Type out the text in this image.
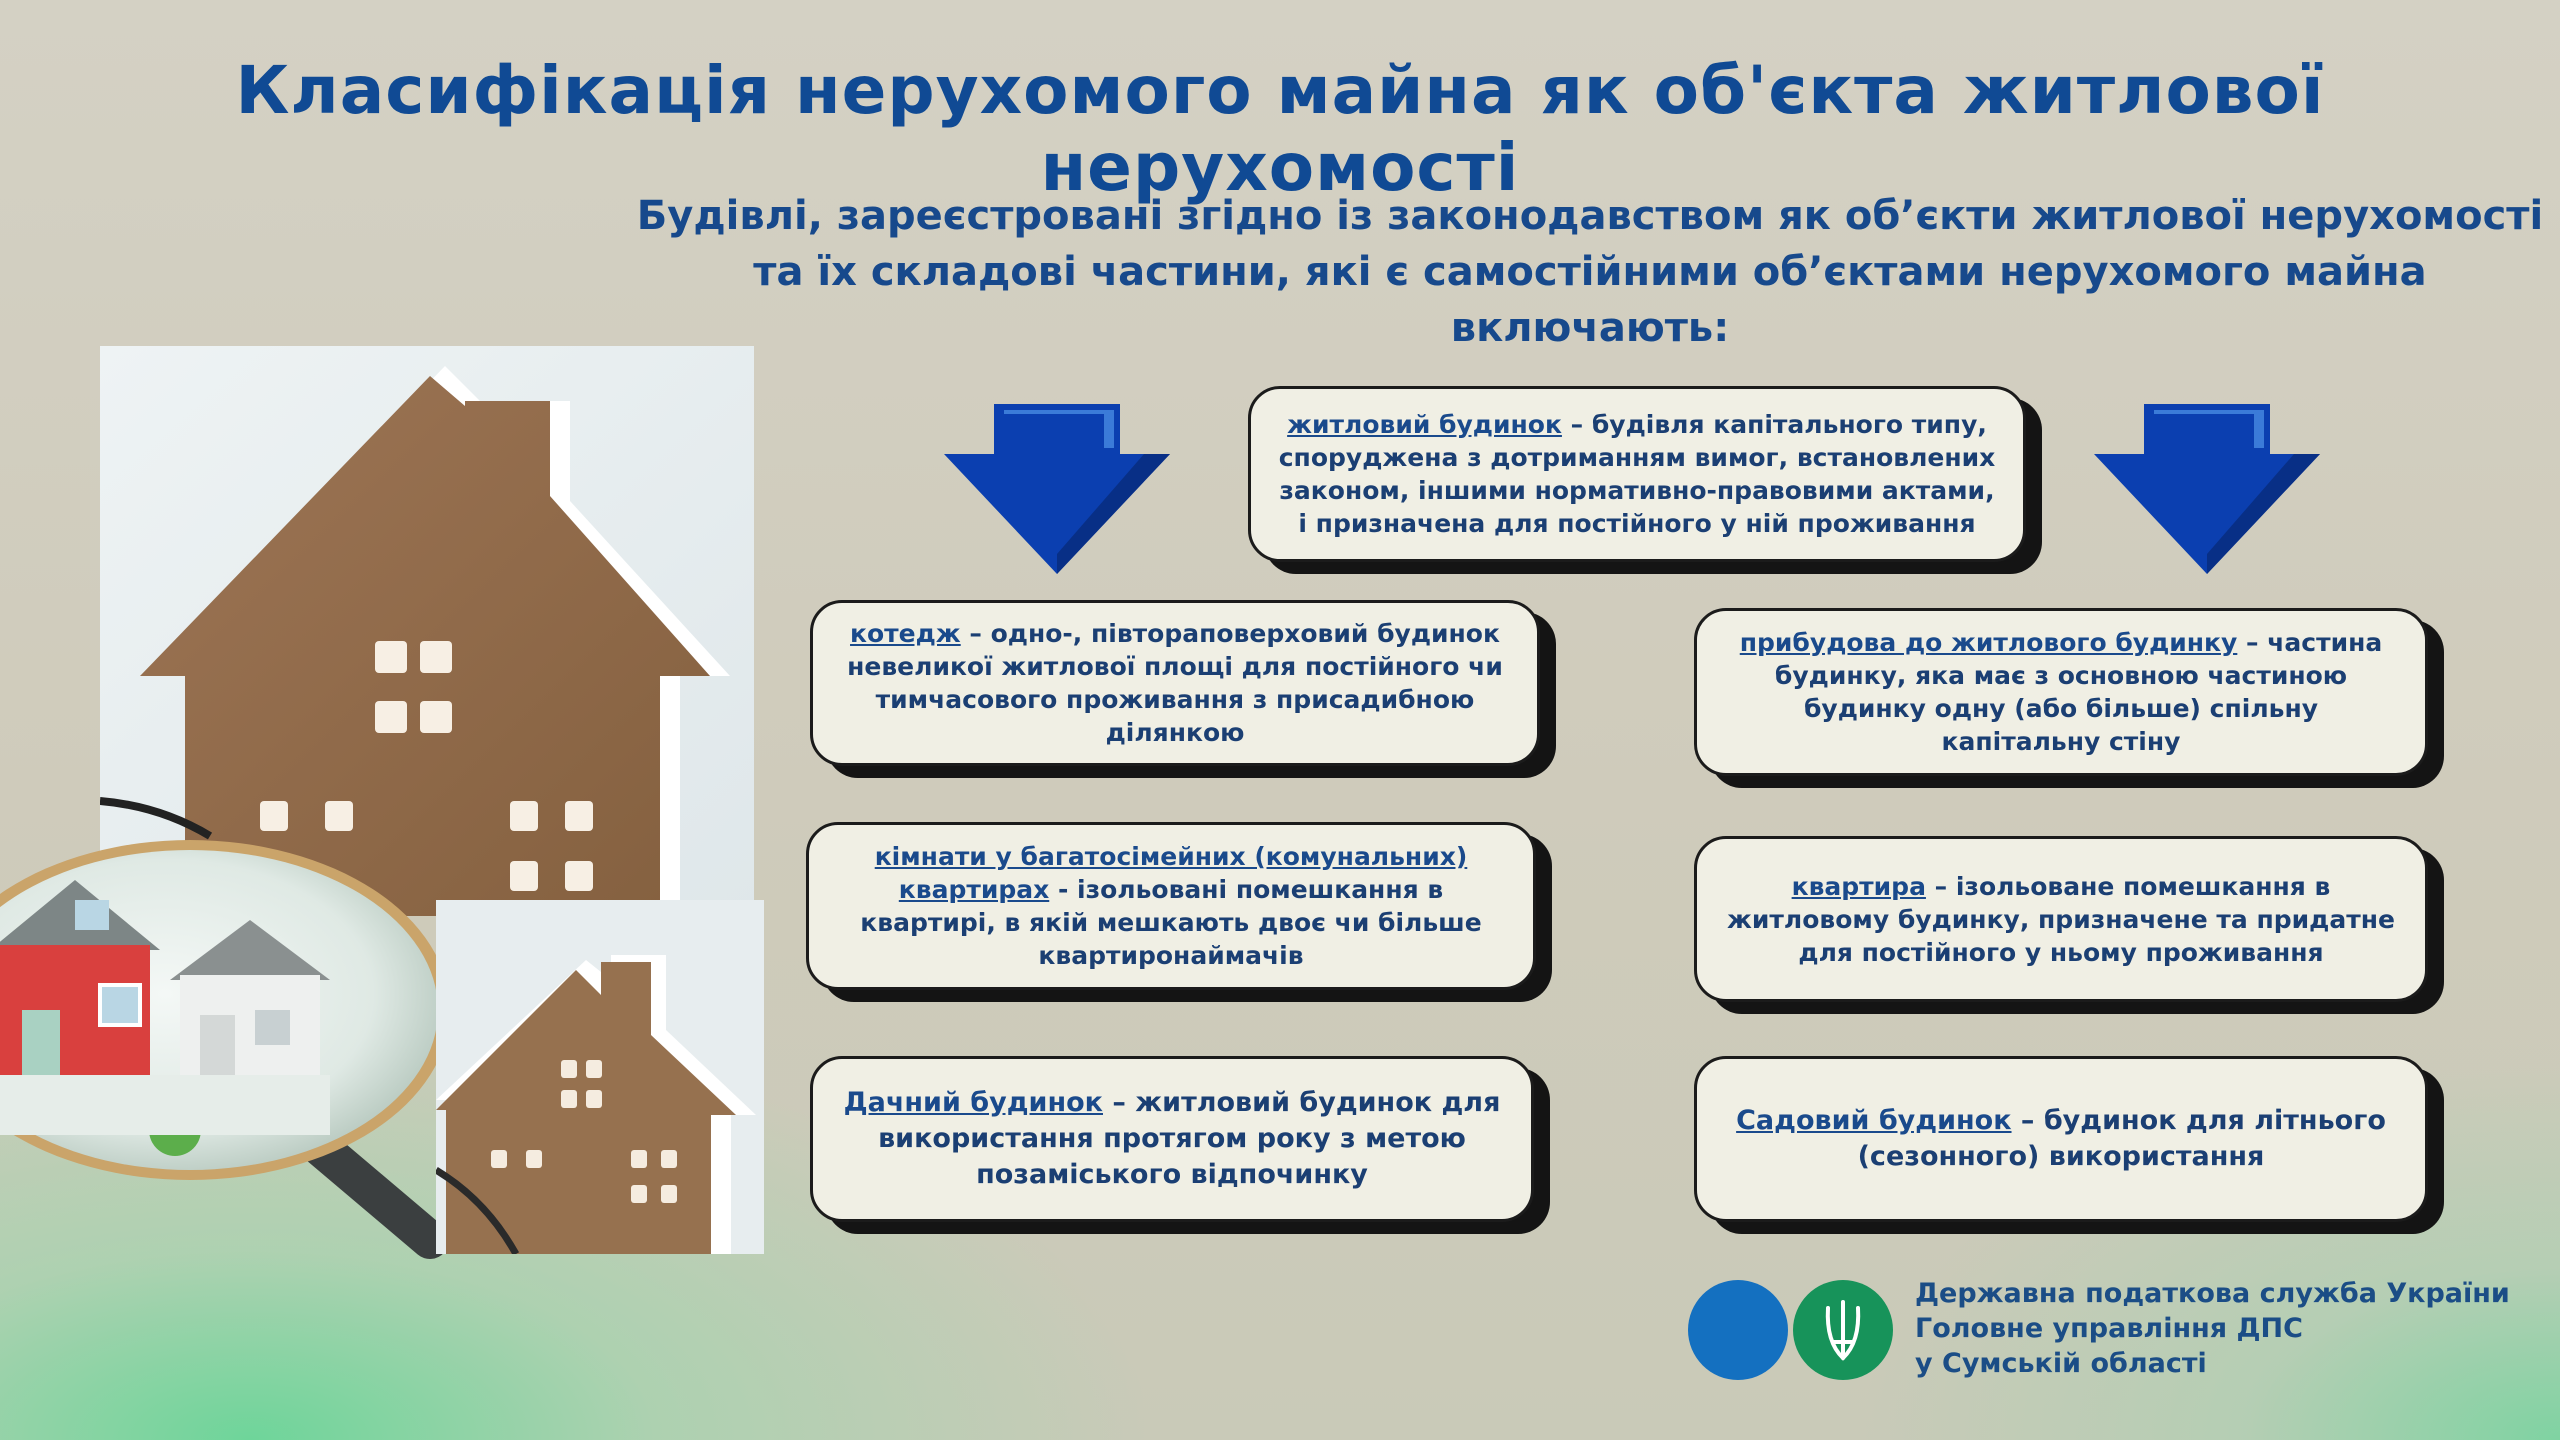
Класифікація нерухомого майна як об'єкта житлової нерухомості
Будівлі, зареєстровані згідно із законодавством як об’єкти житлової нерухомості
та їх складові частини, які є самостійними об’єктами нерухомого майна
включають:
житловий будинок – будівля капітального типу, споруджена з дотриманням вимог, встановлених законом, іншими нормативно-правовими актами, і призначена для постійного у ній проживання
котедж – одно-, півтораповерховий будинок невеликої житлової площі для постійного чи тимчасового проживання з присадибною ділянкою
прибудова до житлового будинку – частина будинку, яка має з основною частиною будинку одну (або більше) спільну капітальну стіну
кімнати у багатосімейних (комунальних) квартирах - ізольовані помешкання в квартирі, в якій мешкають двоє чи більше квартиронаймачів
квартира – ізольоване помешкання в житловому будинку, призначене та придатне для постійного у ньому проживання
Дачний будинок – житловий будинок для використання протягом року з метою позаміського відпочинку
Садовий будинок – будинок для літнього (сезонного) використання
Державна податкова служба України
Головне управління ДПС
у Сумській області
